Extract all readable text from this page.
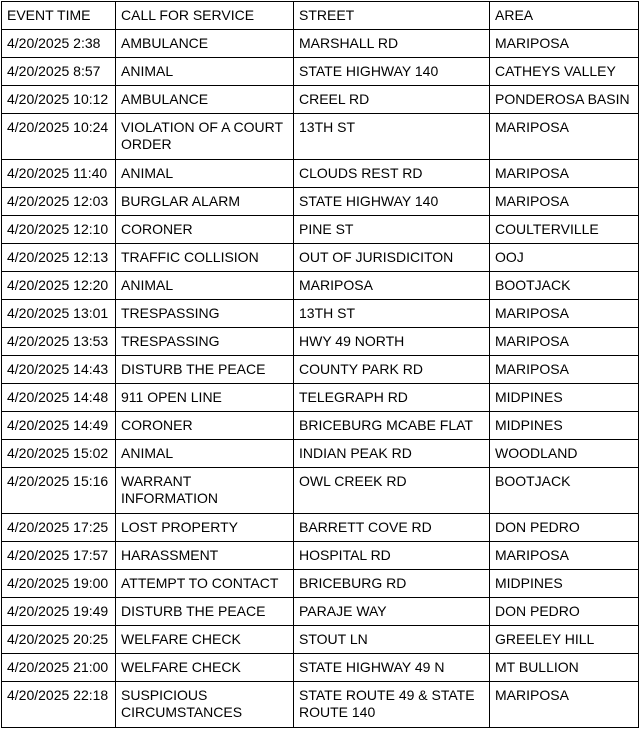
EVENT TIME	CALL FOR SERVICE	STREET	AREA
4/20/2025 2:38	AMBULANCE	MARSHALL RD	MARIPOSA
4/20/2025 8:57	ANIMAL	STATE HIGHWAY 140	CATHEYS VALLEY
4/20/2025 10:12	AMBULANCE	CREEL RD	PONDEROSA BASIN
4/20/2025 10:24	VIOLATION OF A COURT ORDER	13TH ST	MARIPOSA
4/20/2025 11:40	ANIMAL	CLOUDS REST RD	MARIPOSA
4/20/2025 12:03	BURGLAR ALARM	STATE HIGHWAY 140	MARIPOSA
4/20/2025 12:10	CORONER	PINE ST	COULTERVILLE
4/20/2025 12:13	TRAFFIC COLLISION	OUT OF JURISDICITON	OOJ
4/20/2025 12:20	ANIMAL	MARIPOSA	BOOTJACK
4/20/2025 13:01	TRESPASSING	13TH ST	MARIPOSA
4/20/2025 13:53	TRESPASSING	HWY 49 NORTH	MARIPOSA
4/20/2025 14:43	DISTURB THE PEACE	COUNTY PARK RD	MARIPOSA
4/20/2025 14:48	911 OPEN LINE	TELEGRAPH RD	MIDPINES
4/20/2025 14:49	CORONER	BRICEBURG MCABE FLAT	MIDPINES
4/20/2025 15:02	ANIMAL	INDIAN PEAK RD	WOODLAND
4/20/2025 15:16	WARRANT INFORMATION	OWL CREEK RD	BOOTJACK
4/20/2025 17:25	LOST PROPERTY	BARRETT COVE RD	DON PEDRO
4/20/2025 17:57	HARASSMENT	HOSPITAL RD	MARIPOSA
4/20/2025 19:00	ATTEMPT TO CONTACT	BRICEBURG RD	MIDPINES
4/20/2025 19:49	DISTURB THE PEACE	PARAJE WAY	DON PEDRO
4/20/2025 20:25	WELFARE CHECK	STOUT LN	GREELEY HILL
4/20/2025 21:00	WELFARE CHECK	STATE HIGHWAY 49 N	MT BULLION
4/20/2025 22:18	SUSPICIOUS CIRCUMSTANCES	STATE ROUTE 49 & STATE ROUTE 140	MARIPOSA
